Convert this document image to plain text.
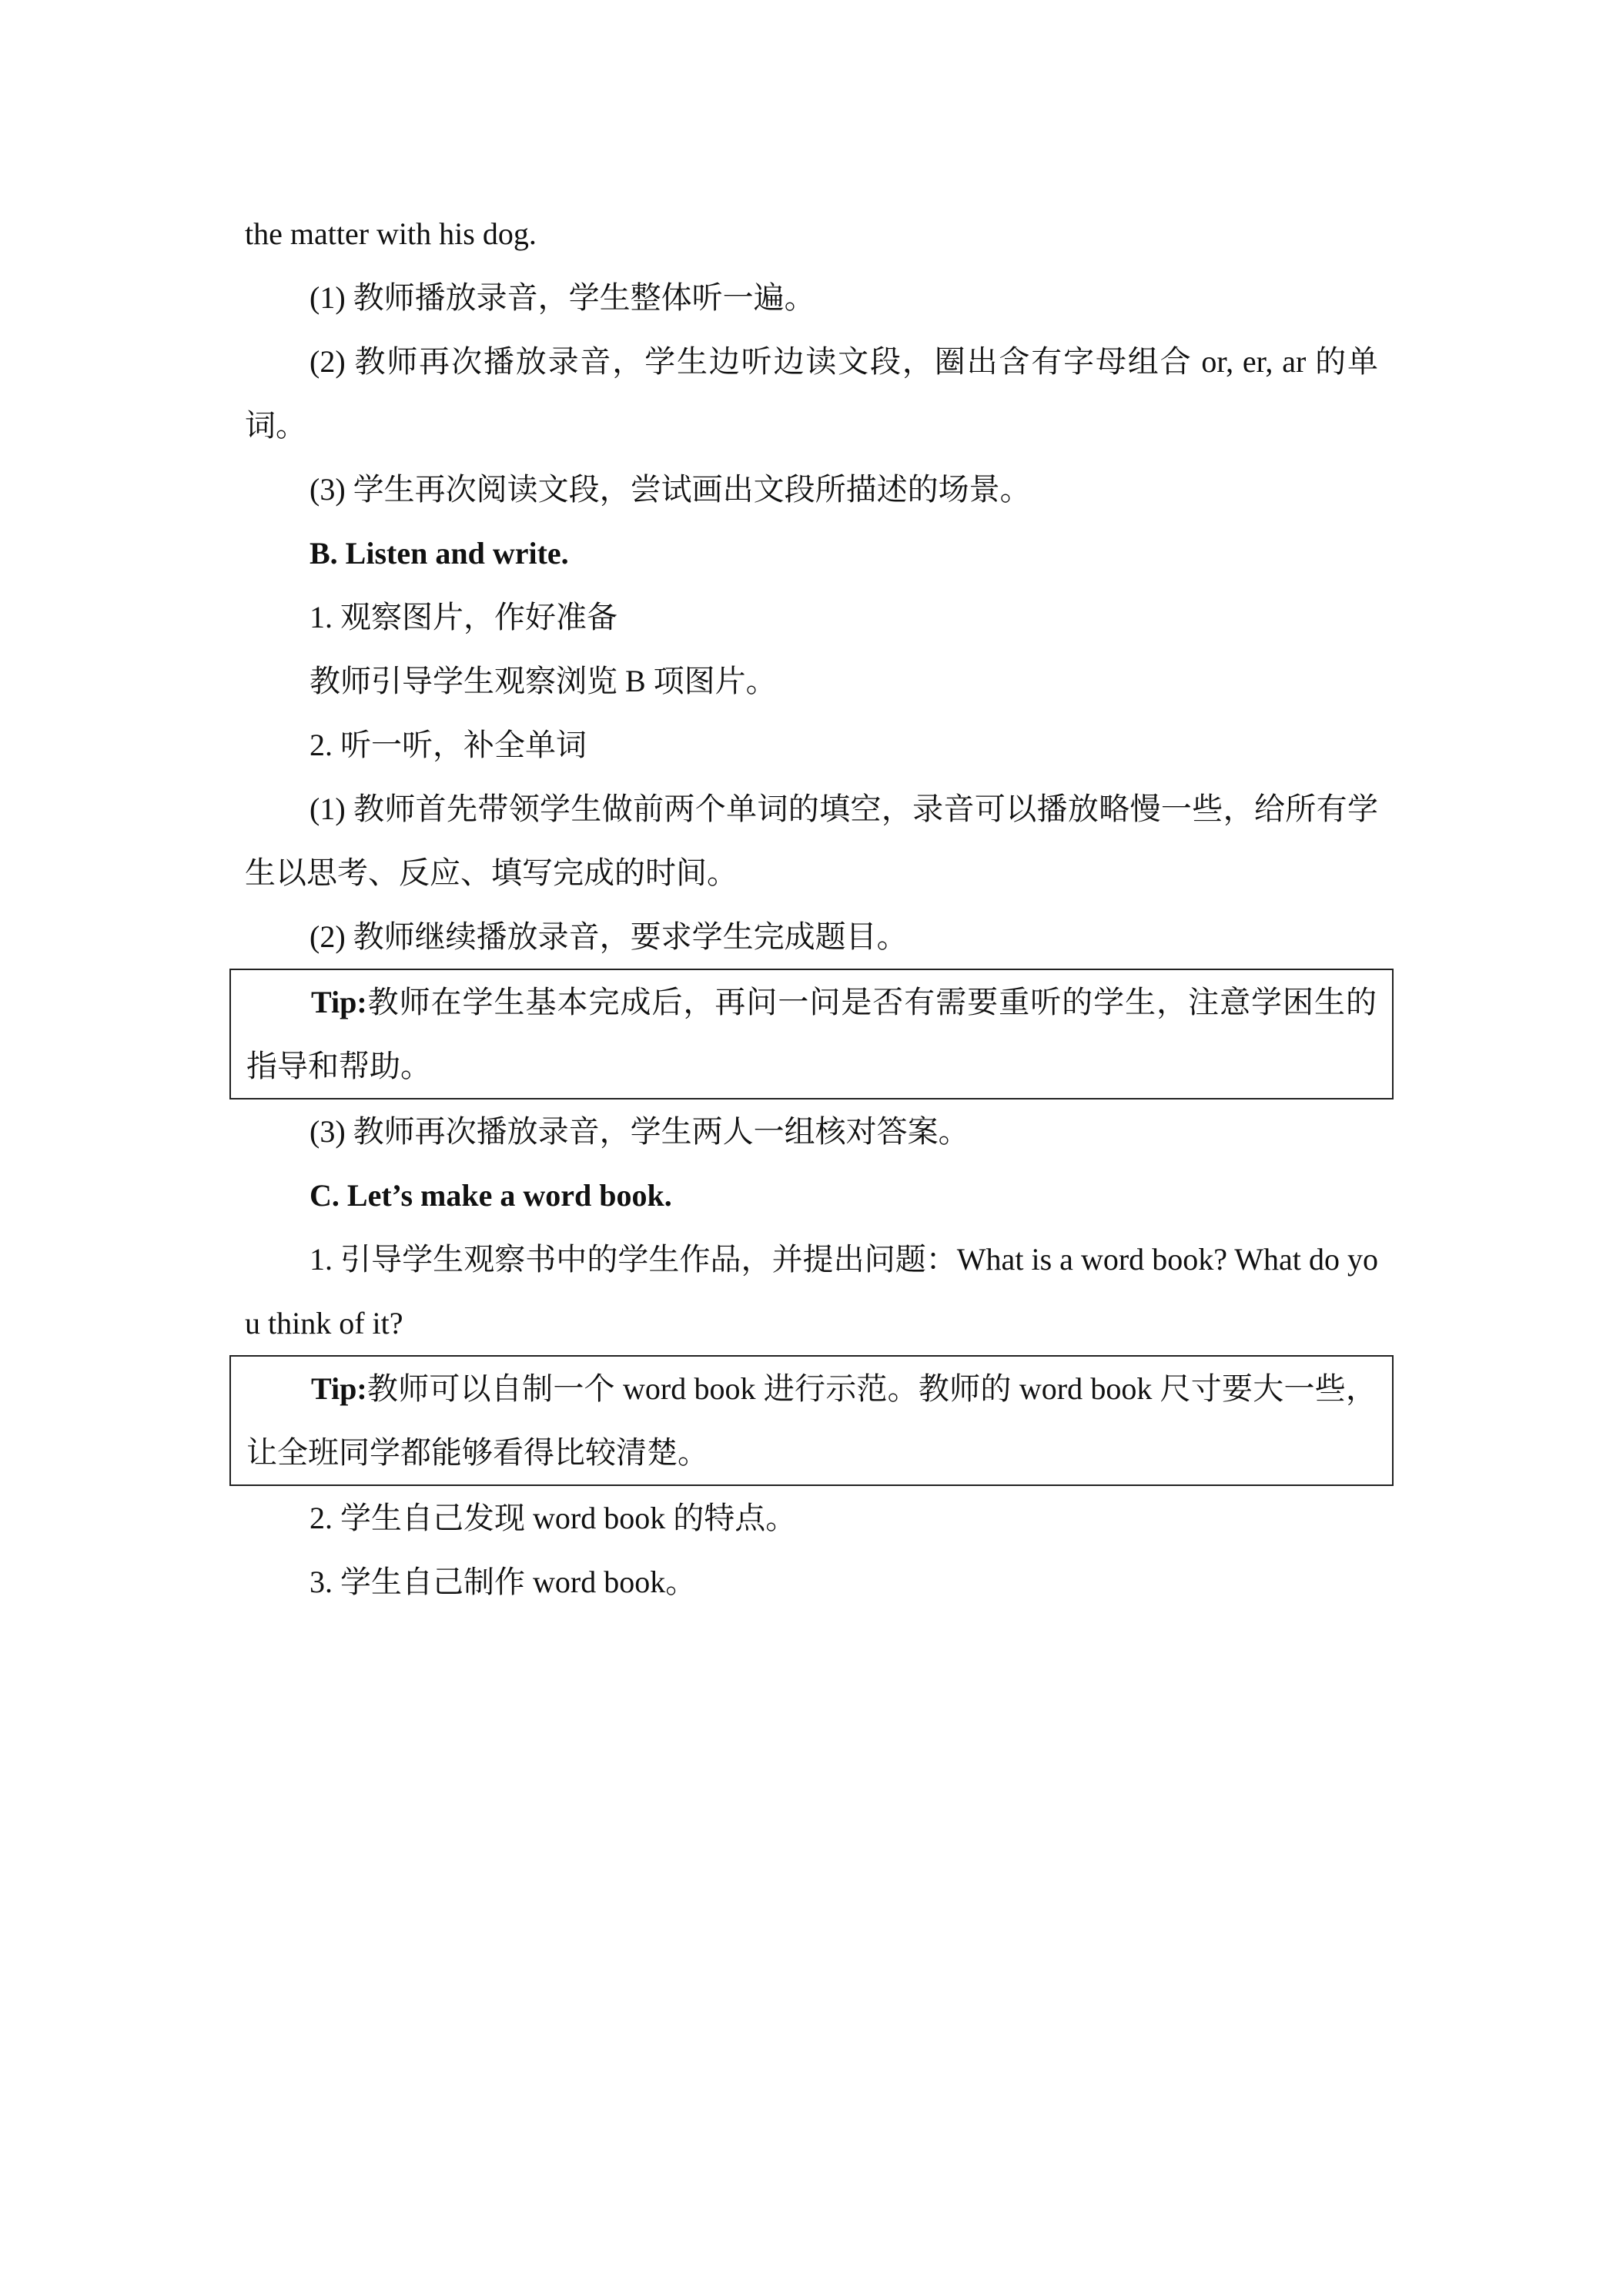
the matter with his dog.

(1) 教师播放录音，学生整体听一遍。

(2) 教师再次播放录音，学生边听边读文段，圈出含有字母组合 or, er, ar 的单词。

(3) 学生再次阅读文段，尝试画出文段所描述的场景。

B. Listen and write.

1. 观察图片，作好准备

教师引导学生观察浏览 B 项图片。

2. 听一听，补全单词

(1) 教师首先带领学生做前两个单词的填空，录音可以播放略慢一些，给所有学生以思考、反应、填写完成的时间。

(2) 教师继续播放录音，要求学生完成题目。

Tip:教师在学生基本完成后，再问一问是否有需要重听的学生，注意学困生的指导和帮助。

(3) 教师再次播放录音，学生两人一组核对答案。

C. Let’s make a word book.

1. 引导学生观察书中的学生作品，并提出问题：What is a word book? What do you think of it?

Tip:教师可以自制一个 word book 进行示范。教师的 word book 尺寸要大一些，让全班同学都能够看得比较清楚。

2. 学生自己发现 word book 的特点。

3. 学生自己制作 word book。
